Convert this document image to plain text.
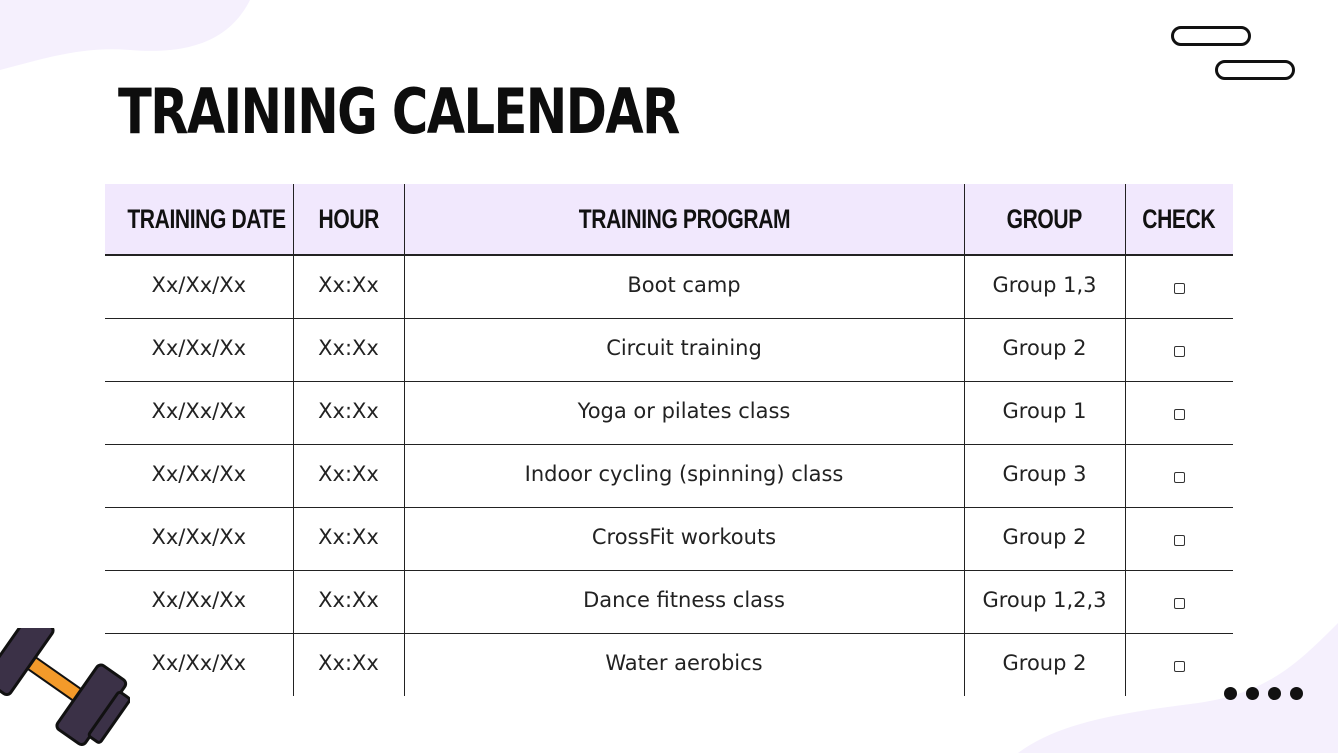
TRAINING CALENDAR
TRAINING DATE	HOUR	TRAINING PROGRAM	GROUP	CHECK
Xx/Xx/Xx	Xx:Xx	Boot camp	Group 1,3	
Xx/Xx/Xx	Xx:Xx	Circuit training	Group 2	
Xx/Xx/Xx	Xx:Xx	Yoga or pilates class	Group 1	
Xx/Xx/Xx	Xx:Xx	Indoor cycling (spinning) class	Group 3	
Xx/Xx/Xx	Xx:Xx	CrossFit workouts	Group 2	
Xx/Xx/Xx	Xx:Xx	Dance fitness class	Group 1,2,3	
Xx/Xx/Xx	Xx:Xx	Water aerobics	Group 2	
